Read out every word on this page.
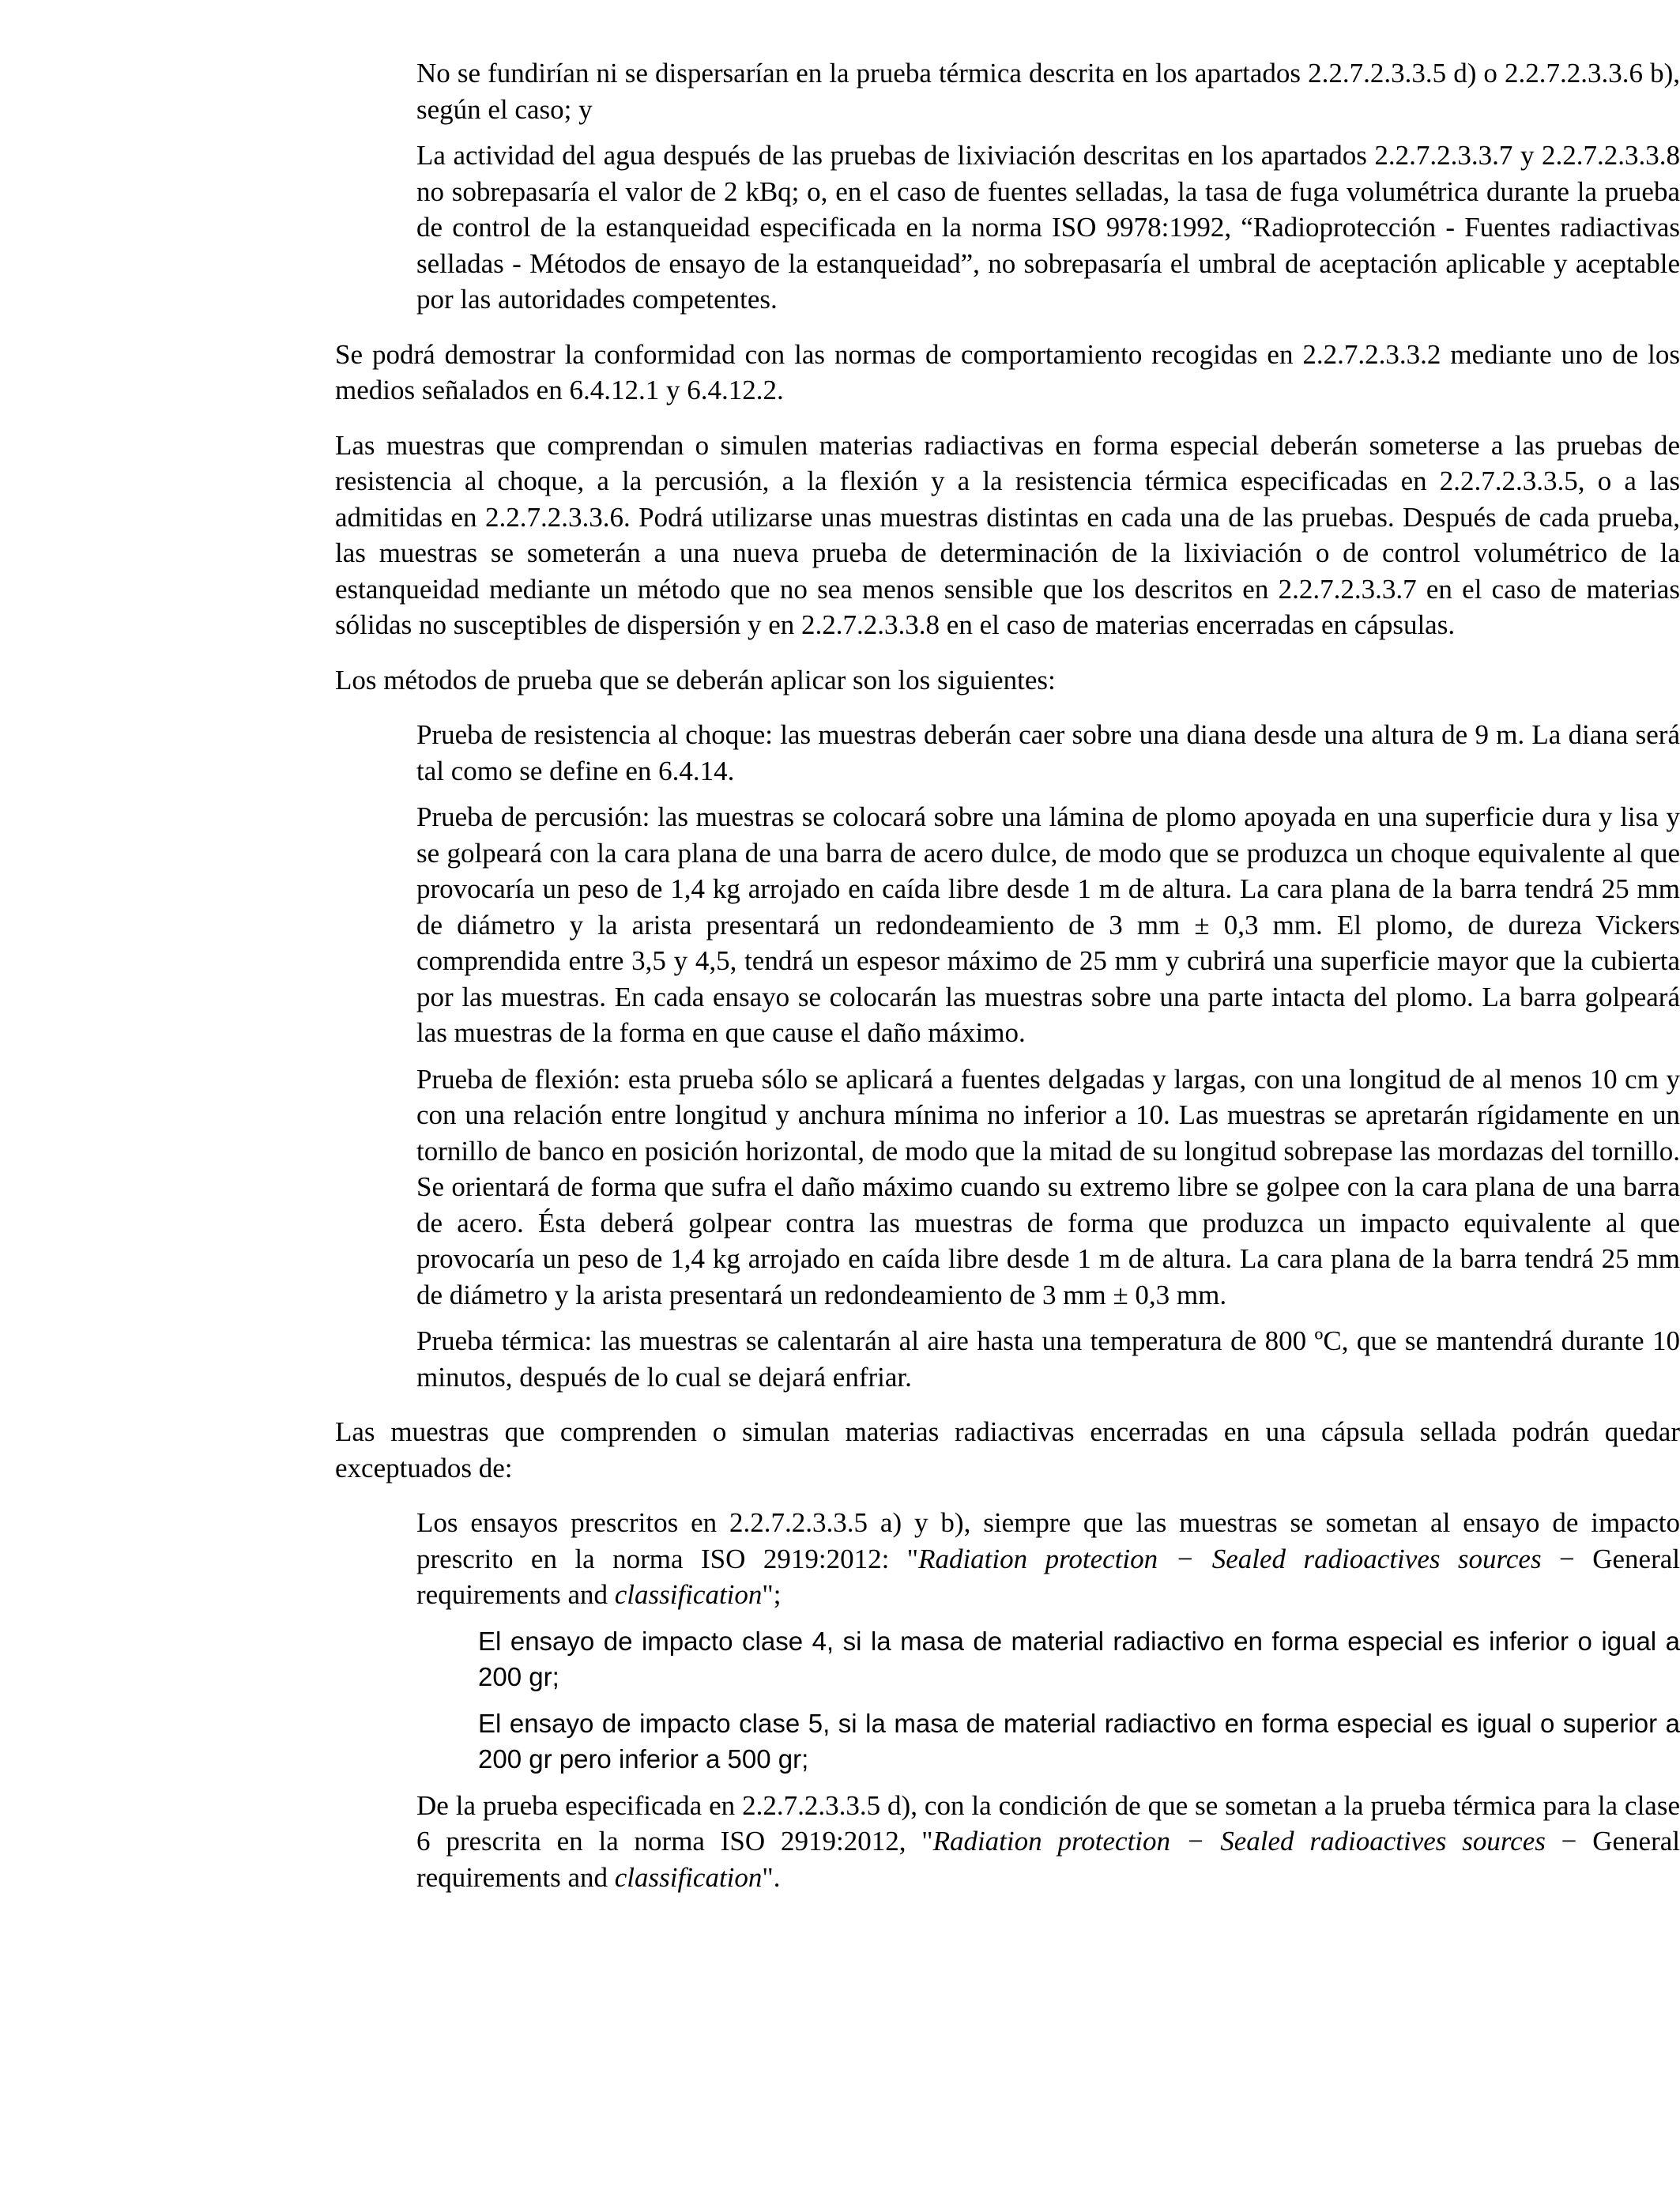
No se fundirían ni se dispersarían en la prueba térmica descrita en los apartados 2.2.7.2.3.3.5 d) o 2.2.7.2.3.3.6 b), según el caso; y

La actividad del agua después de las pruebas de lixiviación descritas en los apartados 2.2.7.2.3.3.7 y 2.2.7.2.3.3.8 no sobrepasaría el valor de 2 kBq; o, en el caso de fuentes selladas, la tasa de fuga volumétrica durante la prueba de control de la estanqueidad especificada en la norma ISO 9978:1992, “Radioprotección - Fuentes radiactivas selladas - Métodos de ensayo de la estanqueidad”, no sobrepasaría el umbral de aceptación aplicable y aceptable por las autoridades competentes.

Se podrá demostrar la conformidad con las normas de comportamiento recogidas en 2.2.7.2.3.3.2 mediante uno de los medios señalados en 6.4.12.1 y 6.4.12.2.

Las muestras que comprendan o simulen materias radiactivas en forma especial deberán someterse a las pruebas de resistencia al choque, a la percusión, a la flexión y a la resistencia térmica especificadas en 2.2.7.2.3.3.5, o a las admitidas en 2.2.7.2.3.3.6. Podrá utilizarse unas muestras distintas en cada una de las pruebas. Después de cada prueba, las muestras se someterán a una nueva prueba de determinación de la lixiviación o de control volumétrico de la estanqueidad mediante un método que no sea menos sensible que los descritos en 2.2.7.2.3.3.7 en el caso de materias sólidas no susceptibles de dispersión y en 2.2.7.2.3.3.8 en el caso de materias encerradas en cápsulas.

Los métodos de prueba que se deberán aplicar son los siguientes:

Prueba de resistencia al choque: las muestras deberán caer sobre una diana desde una altura de 9 m. La diana será tal como se define en 6.4.14.

Prueba de percusión: las muestras se colocará sobre una lámina de plomo apoyada en una superficie dura y lisa y se golpeará con la cara plana de una barra de acero dulce, de modo que se produzca un choque equivalente al que provocaría un peso de 1,4 kg arrojado en caída libre desde 1 m de altura. La cara plana de la barra tendrá 25 mm de diámetro y la arista presentará un redondeamiento de 3 mm ± 0,3 mm. El plomo, de dureza Vickers comprendida entre 3,5 y 4,5, tendrá un espesor máximo de 25 mm y cubrirá una superficie mayor que la cubierta por las muestras. En cada ensayo se colocarán las muestras sobre una parte intacta del plomo. La barra golpeará las muestras de la forma en que cause el daño máximo.

Prueba de flexión: esta prueba sólo se aplicará a fuentes delgadas y largas, con una longitud de al menos 10 cm y con una relación entre longitud y anchura mínima no inferior a 10. Las muestras se apretarán rígidamente en un tornillo de banco en posición horizontal, de modo que la mitad de su longitud sobrepase las mordazas del tornillo. Se orientará de forma que sufra el daño máximo cuando su extremo libre se golpee con la cara plana de una barra de acero. Ésta deberá golpear contra las muestras de forma que produzca un impacto equivalente al que provocaría un peso de 1,4 kg arrojado en caída libre desde 1 m de altura. La cara plana de la barra tendrá 25 mm de diámetro y la arista presentará un redondeamiento de 3 mm ± 0,3 mm.

Prueba térmica: las muestras se calentarán al aire hasta una temperatura de 800 ºC, que se mantendrá durante 10 minutos, después de lo cual se dejará enfriar.

Las muestras que comprenden o simulan materias radiactivas encerradas en una cápsula sellada podrán quedar exceptuados de:

Los ensayos prescritos en 2.2.7.2.3.3.5 a) y b), siempre que las muestras se sometan al ensayo de impacto prescrito en la norma ISO 2919:2012: "Radiation protection − Sealed radioactives sources − General requirements and classification";

El ensayo de impacto clase 4, si la masa de material radiactivo en forma especial es inferior o igual a 200 gr;

El ensayo de impacto clase 5, si la masa de material radiactivo en forma especial es igual o superior a 200 gr pero inferior a 500 gr;

De la prueba especificada en 2.2.7.2.3.3.5 d), con la condición de que se sometan a la prueba térmica para la clase 6 prescrita en la norma ISO 2919:2012, "Radiation protection − Sealed radioactives sources − General requirements and classification".
